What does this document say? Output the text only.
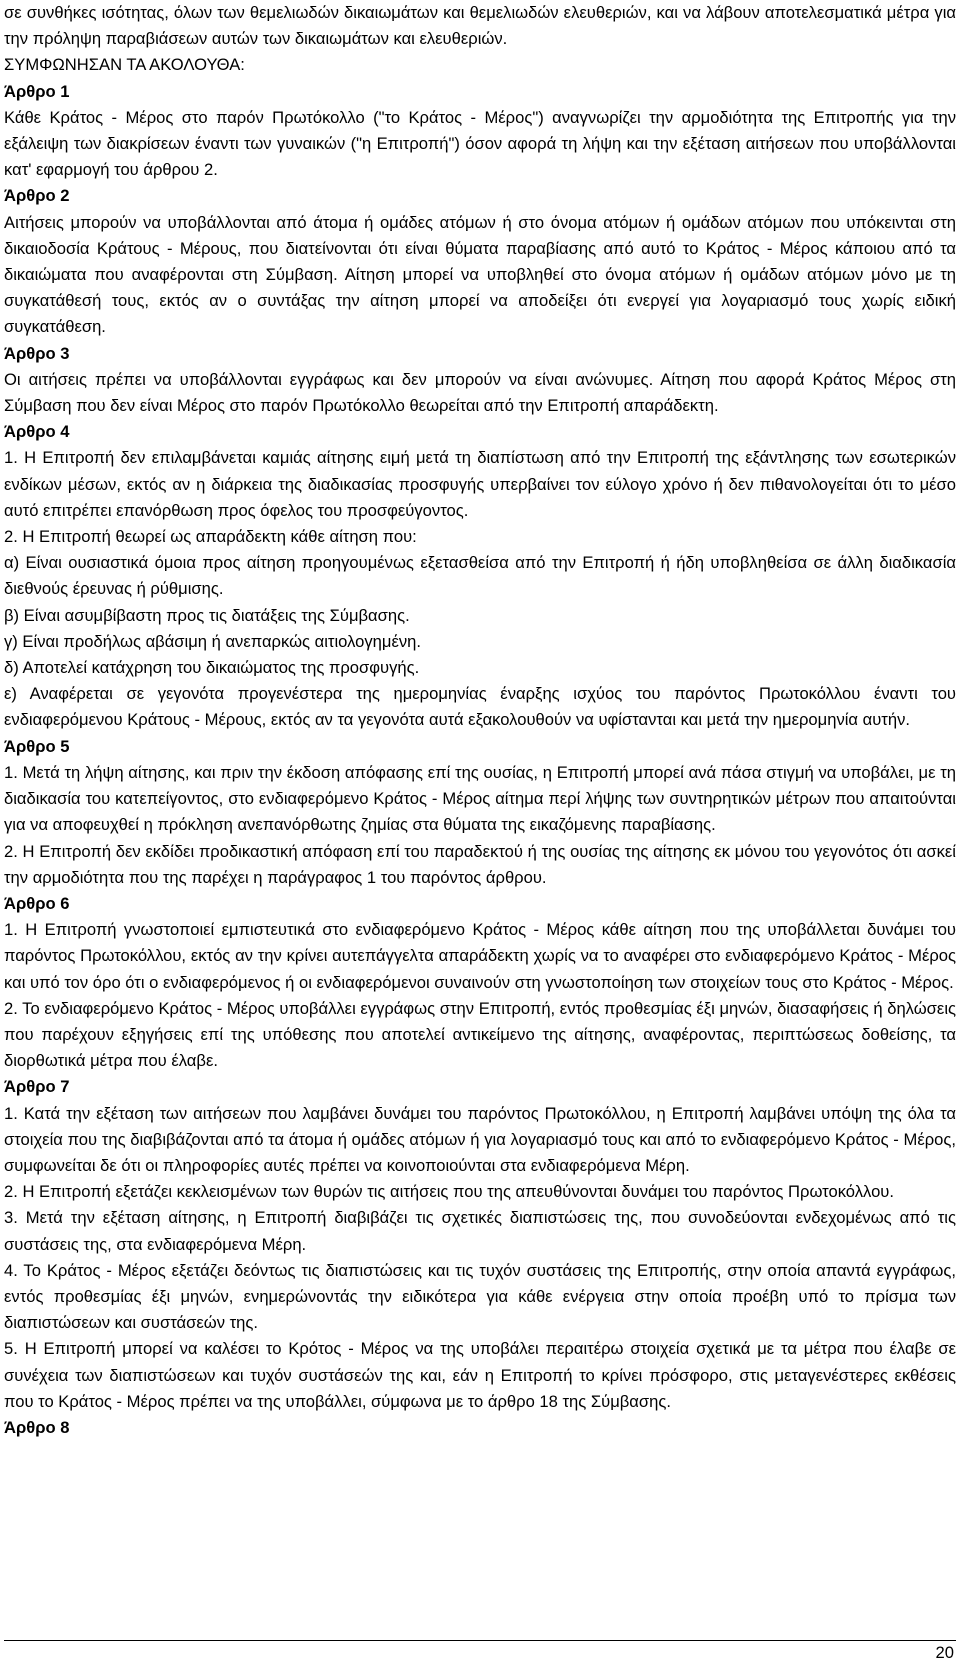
σε συνθήκες ισότητας, όλων των θεμελιωδών δικαιωμάτων και θεμελιωδών ελευθεριών, και να λάβουν αποτελεσματικά μέτρα για την πρόληψη παραβιάσεων αυτών των δικαιωμάτων και ελευθεριών.

ΣΥΜΦΩΝΗΣΑΝ ΤΑ ΑΚΟΛΟΥΘΑ:

Άρθρο 1

Κάθε Κράτος - Μέρος στο παρόν Πρωτόκολλο ("το Κράτος - Μέρος") αναγνωρίζει την αρμοδιότητα της Επιτροπής για την εξάλειψη των διακρίσεων έναντι των γυναικών ("η Επιτροπή") όσον αφορά τη λήψη και την εξέταση αιτήσεων που υποβάλλονται κατ' εφαρμογή του άρθρου 2.

Άρθρο 2

Αιτήσεις μπορούν να υποβάλλονται από άτομα ή ομάδες ατόμων ή στο όνομα ατόμων ή ομάδων ατόμων που υπόκεινται στη δικαιοδοσία Κράτους - Μέρους, που διατείνονται ότι είναι θύματα παραβίασης από αυτό το Κράτος - Μέρος κάποιου από τα δικαιώματα που αναφέρονται στη Σύμβαση. Αίτηση μπορεί να υποβληθεί στο όνομα ατόμων ή ομάδων ατόμων μόνο με τη συγκατάθεσή τους, εκτός αν ο συντάξας την αίτηση μπορεί να αποδείξει ότι ενεργεί για λογαριασμό τους χωρίς ειδική συγκατάθεση.

Άρθρο 3

Οι αιτήσεις πρέπει να υποβάλλονται εγγράφως και δεν μπορούν να είναι ανώνυμες. Αίτηση που αφορά Κράτος Μέρος στη Σύμβαση που δεν είναι Μέρος στο παρόν Πρωτόκολλο θεωρείται από την Επιτροπή απαράδεκτη.

Άρθρο 4

1. Η Επιτροπή δεν επιλαμβάνεται καμιάς αίτησης ειμή μετά τη διαπίστωση από την Επιτροπή της εξάντλησης των εσωτερικών ενδίκων μέσων, εκτός αν η διάρκεια της διαδικασίας προσφυγής υπερβαίνει τον εύλογο χρόνο ή δεν πιθανολογείται ότι το μέσο αυτό επιτρέπει επανόρθωση προς όφελος του προσφεύγοντος.

2. Η Επιτροπή θεωρεί ως απαράδεκτη κάθε αίτηση που:

α) Είναι ουσιαστικά όμοια προς αίτηση προηγουμένως εξετασθείσα από την Επιτροπή ή ήδη υποβληθείσα σε άλλη διαδικασία διεθνούς έρευνας ή ρύθμισης.

β) Είναι ασυμβίβαστη προς τις διατάξεις της Σύμβασης.

γ) Είναι προδήλως αβάσιμη ή ανεπαρκώς αιτιολογημένη.

δ) Αποτελεί κατάχρηση του δικαιώματος της προσφυγής.

ε) Αναφέρεται σε γεγονότα προγενέστερα της ημερομηνίας έναρξης ισχύος του παρόντος Πρωτοκόλλου έναντι του ενδιαφερόμενου Κράτους - Μέρους, εκτός αν τα γεγονότα αυτά εξακολουθούν να υφίστανται και μετά την ημερομηνία αυτήν.

Άρθρο 5

1. Μετά τη λήψη αίτησης, και πριν την έκδοση απόφασης επί της ουσίας, η Επιτροπή μπορεί ανά πάσα στιγμή να υποβάλει, με τη διαδικασία του κατεπείγοντος, στο ενδιαφερόμενο Κράτος - Μέρος αίτημα περί λήψης των συντηρητικών μέτρων που απαιτούνται για να αποφευχθεί η πρόκληση ανεπανόρθωτης ζημίας στα θύματα της εικαζόμενης παραβίασης.

2. Η Επιτροπή δεν εκδίδει προδικαστική απόφαση επί του παραδεκτού ή της ουσίας της αίτησης εκ μόνου του γεγονότος ότι ασκεί την αρμοδιότητα που της παρέχει η παράγραφος 1 του παρόντος άρθρου.

Άρθρο 6

1. Η Επιτροπή γνωστοποιεί εμπιστευτικά στο ενδιαφερόμενο Κράτος - Μέρος κάθε αίτηση που της υποβάλλεται δυνάμει του παρόντος Πρωτοκόλλου, εκτός αν την κρίνει αυτεπάγγελτα απαράδεκτη χωρίς να το αναφέρει στο ενδιαφερόμενο Κράτος - Μέρος και υπό τον όρο ότι ο ενδιαφερόμενος ή οι ενδιαφερόμενοι συναινούν στη γνωστοποίηση των στοιχείων τους στο Κράτος - Μέρος.

2. Το ενδιαφερόμενο Κράτος - Μέρος υποβάλλει εγγράφως στην Επιτροπή, εντός προθεσμίας έξι μηνών, διασαφήσεις ή δηλώσεις που παρέχουν εξηγήσεις επί της υπόθεσης που αποτελεί αντικείμενο της αίτησης, αναφέροντας, περιπτώσεως δοθείσης, τα διορθωτικά μέτρα που έλαβε.

Άρθρο 7

1. Κατά την εξέταση των αιτήσεων που λαμβάνει δυνάμει του παρόντος Πρωτοκόλλου, η Επιτροπή λαμβάνει υπόψη της όλα τα στοιχεία που της διαβιβάζονται από τα άτομα ή ομάδες ατόμων ή για λογαριασμό τους και από το ενδιαφερόμενο Κράτος - Μέρος, συμφωνείται δε ότι οι πληροφορίες αυτές πρέπει να κοινοποιούνται στα ενδιαφερόμενα Μέρη.

2. Η Επιτροπή εξετάζει κεκλεισμένων των θυρών τις αιτήσεις που της απευθύνονται δυνάμει του παρόντος Πρωτοκόλλου.

3. Μετά την εξέταση αίτησης, η Επιτροπή διαβιβάζει τις σχετικές διαπιστώσεις της, που συνοδεύονται ενδεχομένως από τις συστάσεις της, στα ενδιαφερόμενα Μέρη.

4. Το Κράτος - Μέρος εξετάζει δεόντως τις διαπιστώσεις και τις τυχόν συστάσεις της Επιτροπής, στην οποία απαντά εγγράφως, εντός προθεσμίας έξι μηνών, ενημερώνοντάς την ειδικότερα για κάθε ενέργεια στην οποία προέβη υπό το πρίσμα των διαπιστώσεων και συστάσεών της.

5. Η Επιτροπή μπορεί να καλέσει το Κρότος - Μέρος να της υποβάλει περαιτέρω στοιχεία σχετικά με τα μέτρα που έλαβε σε συνέχεια των διαπιστώσεων και τυχόν συστάσεών της και, εάν η Επιτροπή το κρίνει πρόσφορο, στις μεταγενέστερες εκθέσεις που το Κράτος - Μέρος πρέπει να της υποβάλλει, σύμφωνα με το άρθρο 18 της Σύμβασης.

Άρθρο 8

20
